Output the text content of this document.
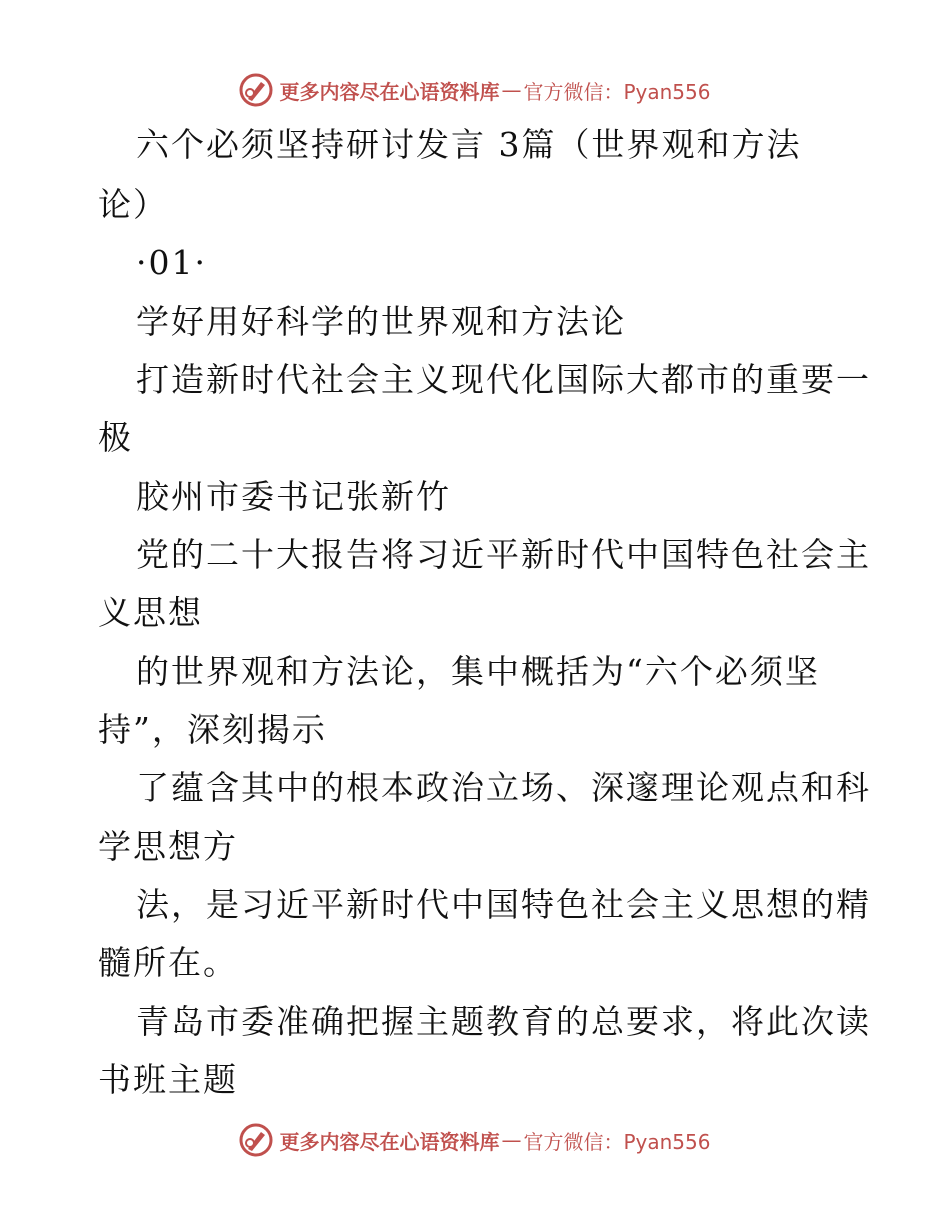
更多内容尽在心语资料库 — 官方微信：Pyan556
六个必须坚持研讨发言 3篇（世界观和方法
论）
·01·
学好用好科学的世界观和方法论
打造新时代社会主义现代化国际大都市的重要一
极
胶州市委书记张新竹
党的二十大报告将习近平新时代中国特色社会主
义思想
的世界观和方法论，集中概括为“六个必须坚
持”，深刻揭示
了蕴含其中的根本政治立场、深邃理论观点和科
学思想方
法，是习近平新时代中国特色社会主义思想的精
髓所在。
青岛市委准确把握主题教育的总要求，将此次读
书班主题
更多内容尽在心语资料库 — 官方微信：Pyan556
